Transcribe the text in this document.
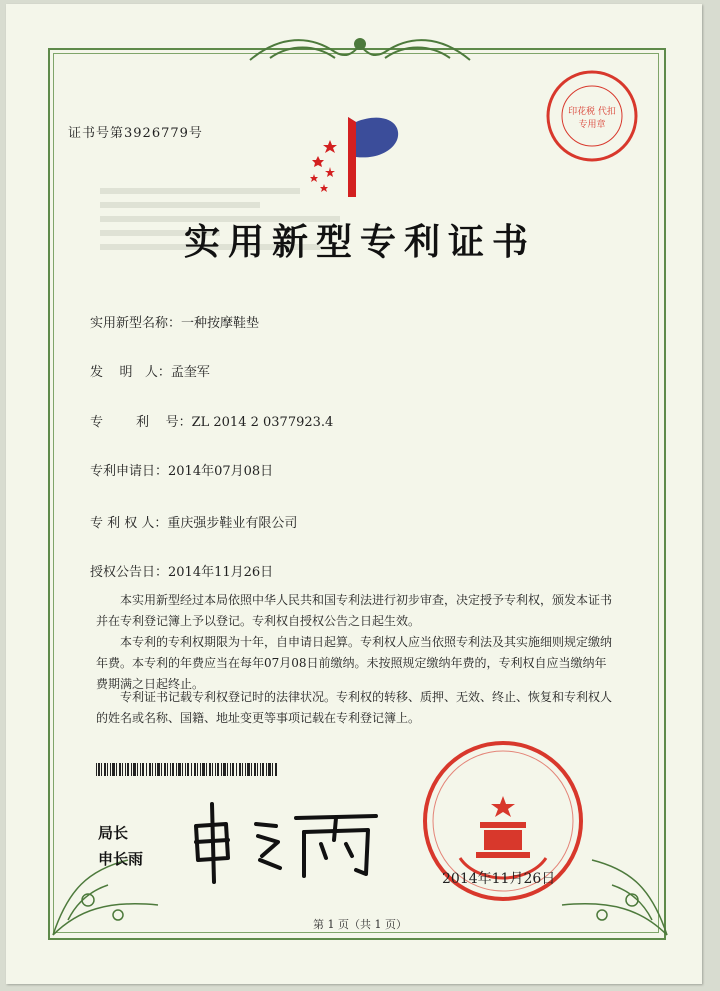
证书号第3926779号
印花税 代扣专用章
实用新型专利证书
实用新型名称：一种按摩鞋垫
发    明   人：孟奎军
专        利    号：ZL 2014 2 0377923.4
专利申请日：2014年07月08日
专 利 权 人：重庆强步鞋业有限公司
授权公告日：2014年11月26日
本实用新型经过本局依照中华人民共和国专利法进行初步审查，决定授予专利权，颁发本证书并在专利登记簿上予以登记。专利权自授权公告之日起生效。
本专利的专利权期限为十年，自申请日起算。专利权人应当依照专利法及其实施细则规定缴纳年费。本专利的年费应当在每年07月08日前缴纳。未按照规定缴纳年费的，专利权自应当缴纳年费期满之日起终止。
专利证书记载专利权登记时的法律状况。专利权的转移、质押、无效、终止、恢复和专利权人的姓名或名称、国籍、地址变更等事项记载在专利登记簿上。
局长
申长雨
2014年11月26日
第 1 页（共 1 页）
